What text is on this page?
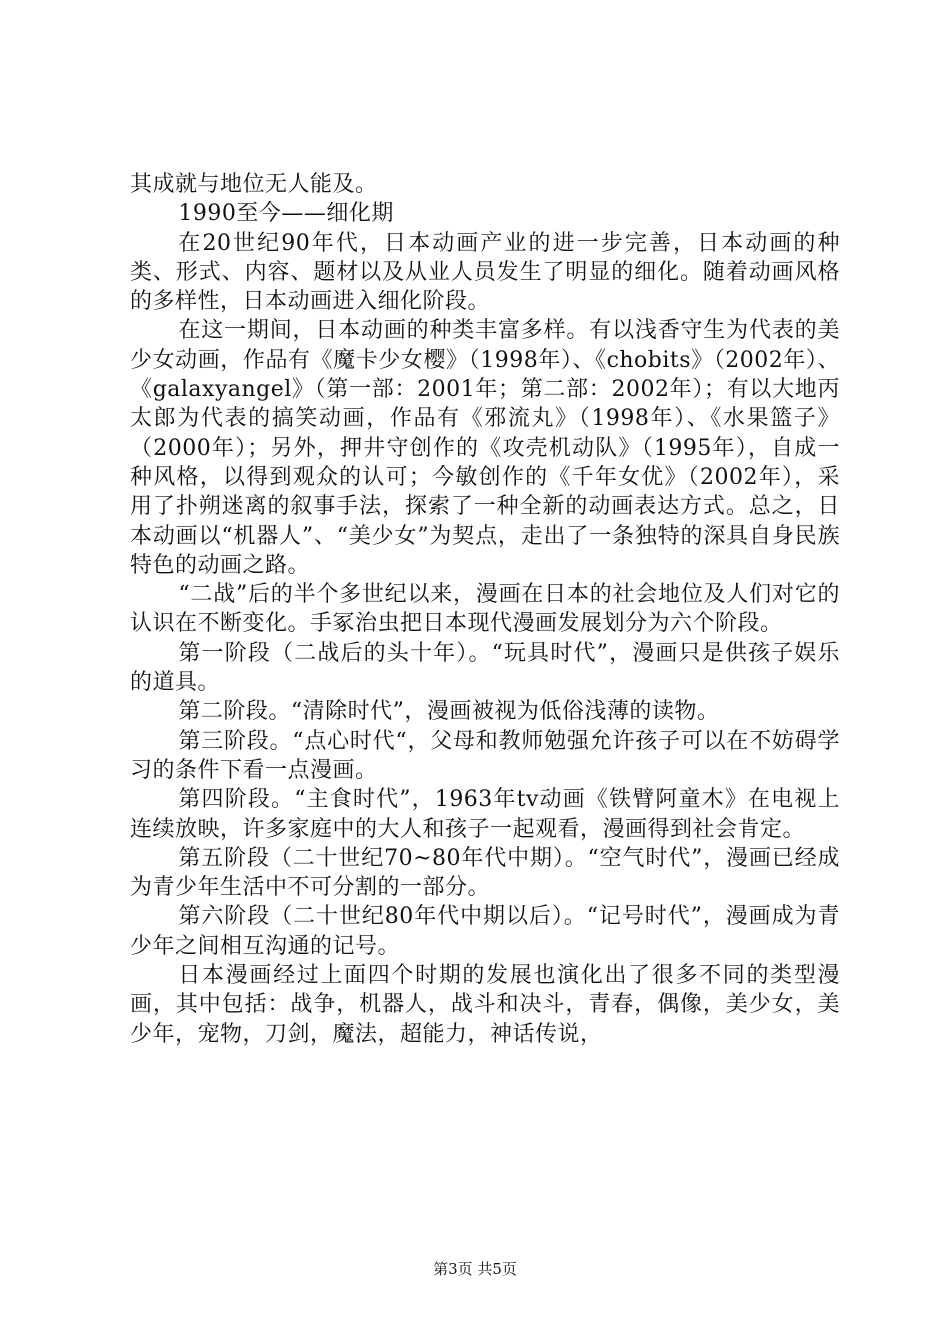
其成就与地位无人能及。

1990至今——细化期

在20世纪90年代，日本动画产业的进一步完善，日本动画的种类、形式、内容、题材以及从业人员发生了明显的细化。随着动画风格的多样性，日本动画进入细化阶段。

在这一期间，日本动画的种类丰富多样。有以浅香守生为代表的美少女动画，作品有《魔卡少女樱》（1998年）、《chobits》（2002年）、《galaxyangel》（第一部：2001年；第二部：2002年）；有以大地丙太郎为代表的搞笑动画，作品有《邪流丸》（1998年）、《水果篮子》（2000年）；另外，押井守创作的《攻壳机动队》（1995年），自成一种风格，以得到观众的认可；今敏创作的《千年女优》（2002年），采用了扑朔迷离的叙事手法，探索了一种全新的动画表达方式。总之，日本动画以“机器人”、“美少女”为契点，走出了一条独特的深具自身民族特色的动画之路。

“二战”后的半个多世纪以来，漫画在日本的社会地位及人们对它的认识在不断变化。手冢治虫把日本现代漫画发展划分为六个阶段。

第一阶段（二战后的头十年）。“玩具时代”，漫画只是供孩子娱乐的道具。

第二阶段。“清除时代”，漫画被视为低俗浅薄的读物。

第三阶段。“点心时代“，父母和教师勉强允许孩子可以在不妨碍学习的条件下看一点漫画。

第四阶段。“主食时代”，1963年tv动画《铁臂阿童木》在电视上连续放映，许多家庭中的大人和孩子一起观看，漫画得到社会肯定。

第五阶段（二十世纪70~80年代中期）。“空气时代”，漫画已经成为青少年生活中不可分割的一部分。

第六阶段（二十世纪80年代中期以后）。“记号时代”，漫画成为青少年之间相互沟通的记号。

日本漫画经过上面四个时期的发展也演化出了很多不同的类型漫画，其中包括：战争，机器人，战斗和决斗，青春，偶像，美少女，美少年，宠物，刀剑，魔法，超能力，神话传说，

第3页 共5页
